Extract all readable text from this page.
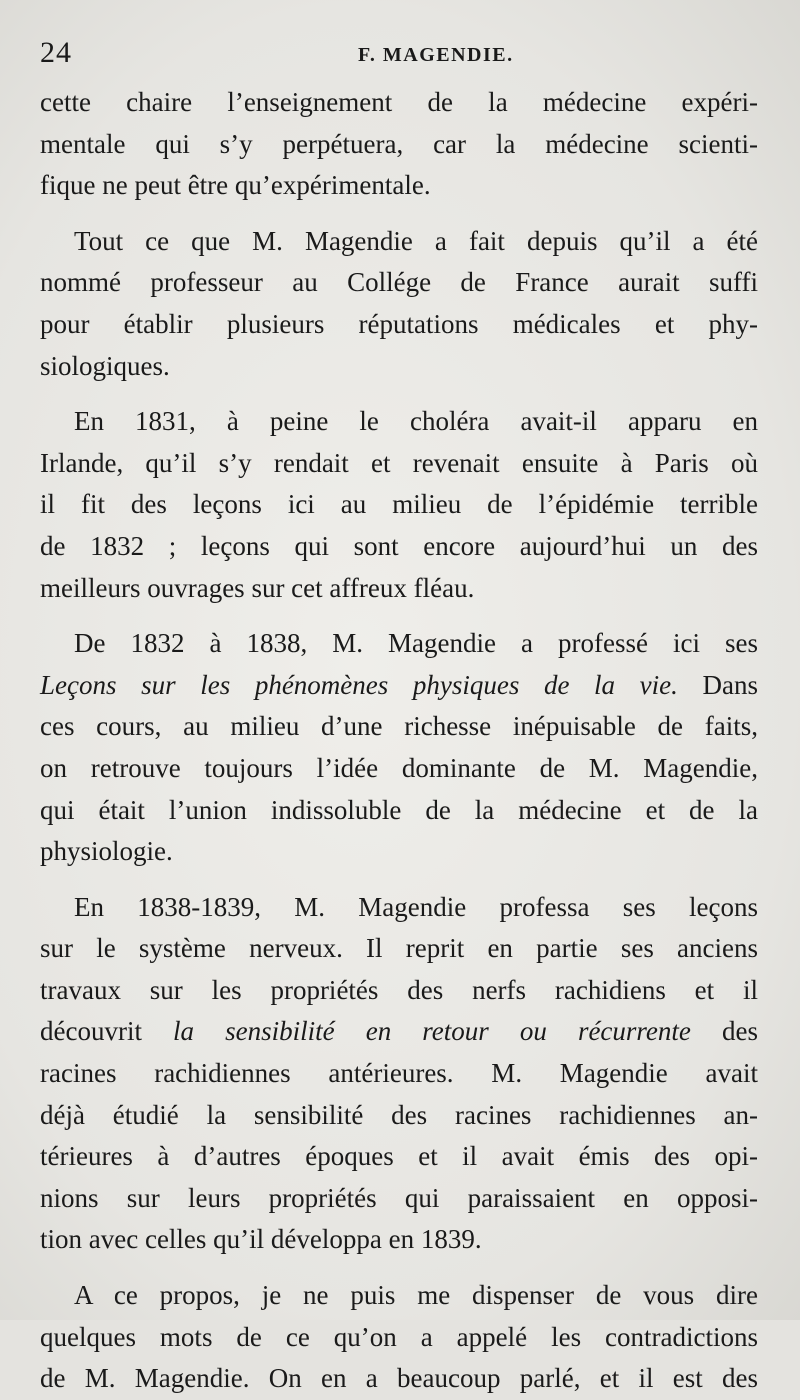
24	F. MAGENDIE.
cette chaire l’enseignement de la médecine expéri-
mentale qui s’y perpétuera, car la médecine scienti-
fique ne peut être qu’expérimentale.
Tout ce que M. Magendie a fait depuis qu’il a été
nommé professeur au Collége de France aurait suffi
pour établir plusieurs réputations médicales et phy-
siologiques.
En 1831, à peine le choléra avait-il apparu en
Irlande, qu’il s’y rendait et revenait ensuite à Paris où
il fit des leçons ici au milieu de l’épidémie terrible
de 1832 ; leçons qui sont encore aujourd’hui un des
meilleurs ouvrages sur cet affreux fléau.
De 1832 à 1838, M. Magendie a professé ici ses
Leçons sur les phénomènes physiques de la vie. Dans
ces cours, au milieu d’une richesse inépuisable de faits,
on retrouve toujours l’idée dominante de M. Magendie,
qui était l’union indissoluble de la médecine et de la
physiologie.
En 1838-1839, M. Magendie professa ses leçons
sur le système nerveux. Il reprit en partie ses anciens
travaux sur les propriétés des nerfs rachidiens et il
découvrit la sensibilité en retour ou récurrente des
racines rachidiennes antérieures. M. Magendie avait
déjà étudié la sensibilité des racines rachidiennes an-
térieures à d’autres époques et il avait émis des opi-
nions sur leurs propriétés qui paraissaient en opposi-
tion avec celles qu’il développa en 1839.
A ce propos, je ne puis me dispenser de vous dire
quelques mots de ce qu’on a appelé les contradictions
de M. Magendie. On en a beaucoup parlé, et il est des
